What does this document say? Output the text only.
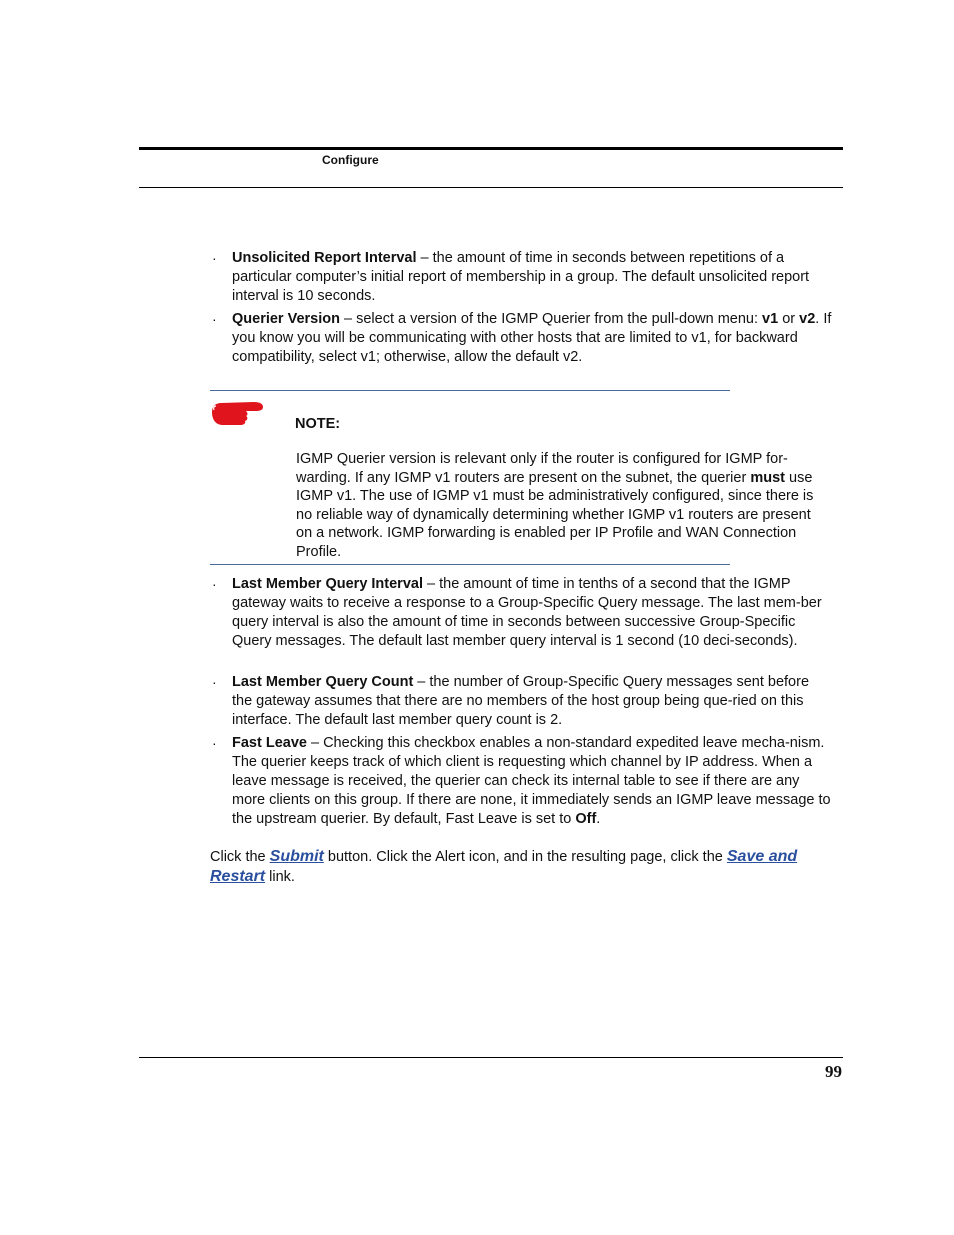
Configure
· Unsolicited Report Interval – the amount of time in seconds between repetitions of a particular computer’s initial report of membership in a group. The default unsolicited report interval is 10 seconds.
· Querier Version – select a version of the IGMP Querier from the pull-down menu: v1 or v2. If you know you will be communicating with other hosts that are limited to v1, for backward compatibility, select v1; otherwise, allow the default v2.
NOTE:
IGMP Querier version is relevant only if the router is configured for IGMP for-warding. If any IGMP v1 routers are present on the subnet, the querier must use IGMP v1. The use of IGMP v1 must be administratively configured, since there is no reliable way of dynamically determining whether IGMP v1 routers are present on a network. IGMP forwarding is enabled per IP Profile and WAN Connection Profile.
· Last Member Query Interval – the amount of time in tenths of a second that the IGMP gateway waits to receive a response to a Group-Specific Query message. The last mem-ber query interval is also the amount of time in seconds between successive Group-Specific Query messages. The default last member query interval is 1 second (10 deci-seconds).
· Last Member Query Count – the number of Group-Specific Query messages sent before the gateway assumes that there are no members of the host group being que-ried on this interface. The default last member query count is 2.
· Fast Leave – Checking this checkbox enables a non-standard expedited leave mecha-nism. The querier keeps track of which client is requesting which channel by IP address. When a leave message is received, the querier can check its internal table to see if there are any more clients on this group. If there are none, it immediately sends an IGMP leave message to the upstream querier. By default, Fast Leave is set to Off.
Click the Submit button. Click the Alert icon, and in the resulting page, click the Save and Restart link.
99
